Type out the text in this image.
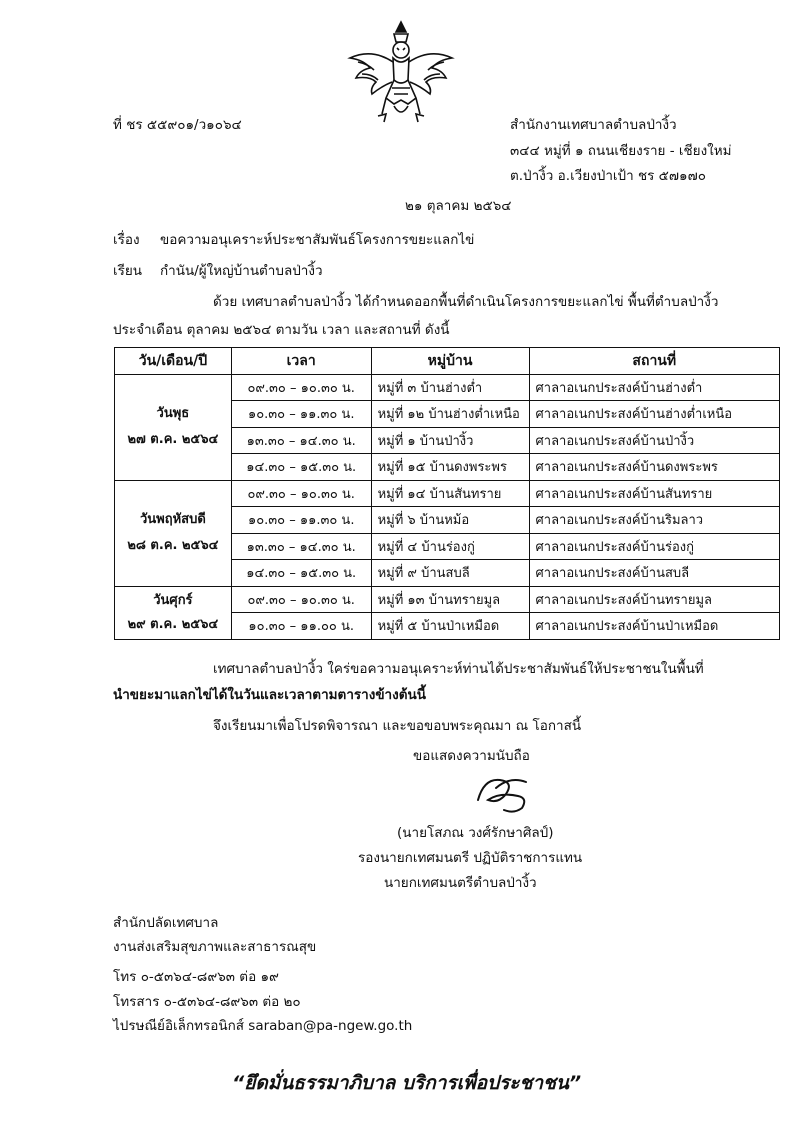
ที่ ชร ๕๕๙๐๑/ว๑๐๖๔	สำนักงานเทศบาลตำบลป่างิ้ว
๓๔๔ หมู่ที่ ๑ ถนนเชียงราย - เชียงใหม่
ต.ป่างิ้ว อ.เวียงป่าเป้า ชร ๕๗๑๗๐
๒๑ ตุลาคม ๒๕๖๔
เรื่อง ขอความอนุเคราะห์ประชาสัมพันธ์โครงการขยะแลกไข่
เรียน กำนัน/ผู้ใหญ่บ้านตำบลป่างิ้ว
ด้วย เทศบาลตำบลป่างิ้ว ได้กำหนดออกพื้นที่ดำเนินโครงการขยะแลกไข่ พื้นที่ตำบลป่างิ้ว
ประจำเดือน ตุลาคม ๒๕๖๔ ตามวัน เวลา และสถานที่ ดังนี้
วัน/เดือน/ปี	เวลา	หมู่บ้าน	สถานที่

วันพุธ
๒๗ ต.ค. ๒๕๖๔	๐๙.๓๐ – ๑๐.๓๐ น.	หมู่ที่ ๓ บ้านฮ่างต่ำ	ศาลาอเนกประสงค์บ้านฮ่างต่ำ
	๑๐.๓๐ – ๑๑.๓๐ น.	หมู่ที่ ๑๒ บ้านฮ่างต่ำเหนือ	ศาลาอเนกประสงค์บ้านฮ่างต่ำเหนือ
	๑๓.๓๐ – ๑๔.๓๐ น.	หมู่ที่ ๑ บ้านป่างิ้ว	ศาลาอเนกประสงค์บ้านป่างิ้ว
	๑๔.๓๐ – ๑๕.๓๐ น.	หมู่ที่ ๑๕ บ้านดงพระพร	ศาลาอเนกประสงค์บ้านดงพระพร

วันพฤหัสบดี
๒๘ ต.ค. ๒๕๖๔	๐๙.๓๐ – ๑๐.๓๐ น.	หมู่ที่ ๑๔ บ้านสันทราย	ศาลาอเนกประสงค์บ้านสันทราย
	๑๐.๓๐ – ๑๑.๓๐ น.	หมู่ที่ ๖ บ้านหม้อ	ศาลาอเนกประสงค์บ้านริมลาว
	๑๓.๓๐ – ๑๔.๓๐ น.	หมู่ที่ ๔ บ้านร่องกู่	ศาลาอเนกประสงค์บ้านร่องกู่
	๑๔.๓๐ – ๑๕.๓๐ น.	หมู่ที่ ๙ บ้านสบลี	ศาลาอเนกประสงค์บ้านสบลี

วันศุกร์
๒๙ ต.ค. ๒๕๖๔	๐๙.๓๐ – ๑๐.๓๐ น.	หมู่ที่ ๑๓ บ้านทรายมูล	ศาลาอเนกประสงค์บ้านทรายมูล
	๑๐.๓๐ – ๑๑.๐๐ น.	หมู่ที่ ๕ บ้านป่าเหมือด	ศาลาอเนกประสงค์บ้านป่าเหมือด
เทศบาลตำบลป่างิ้ว ใคร่ขอความอนุเคราะห์ท่านได้ประชาสัมพันธ์ให้ประชาชนในพื้นที่
นำขยะมาแลกไข่ได้ในวันและเวลาตามตารางข้างต้นนี้
จึงเรียนมาเพื่อโปรดพิจารณา และขอขอบพระคุณมา ณ โอกาสนี้
ขอแสดงความนับถือ
(นายโสภณ วงศ์รักษาศิลป์)
รองนายกเทศมนตรี ปฏิบัติราชการแทน
นายกเทศมนตรีตำบลป่างิ้ว
สำนักปลัดเทศบาล
งานส่งเสริมสุขภาพและสาธารณสุข
โทร ๐-๕๓๖๔-๘๙๖๓ ต่อ ๑๙
โทรสาร ๐-๕๓๖๔-๘๙๖๓ ต่อ ๒๐
ไปรษณีย์อิเล็กทรอนิกส์ saraban@pa-ngew.go.th
“ยึดมั่นธรรมาภิบาล บริการเพื่อประชาชน”
